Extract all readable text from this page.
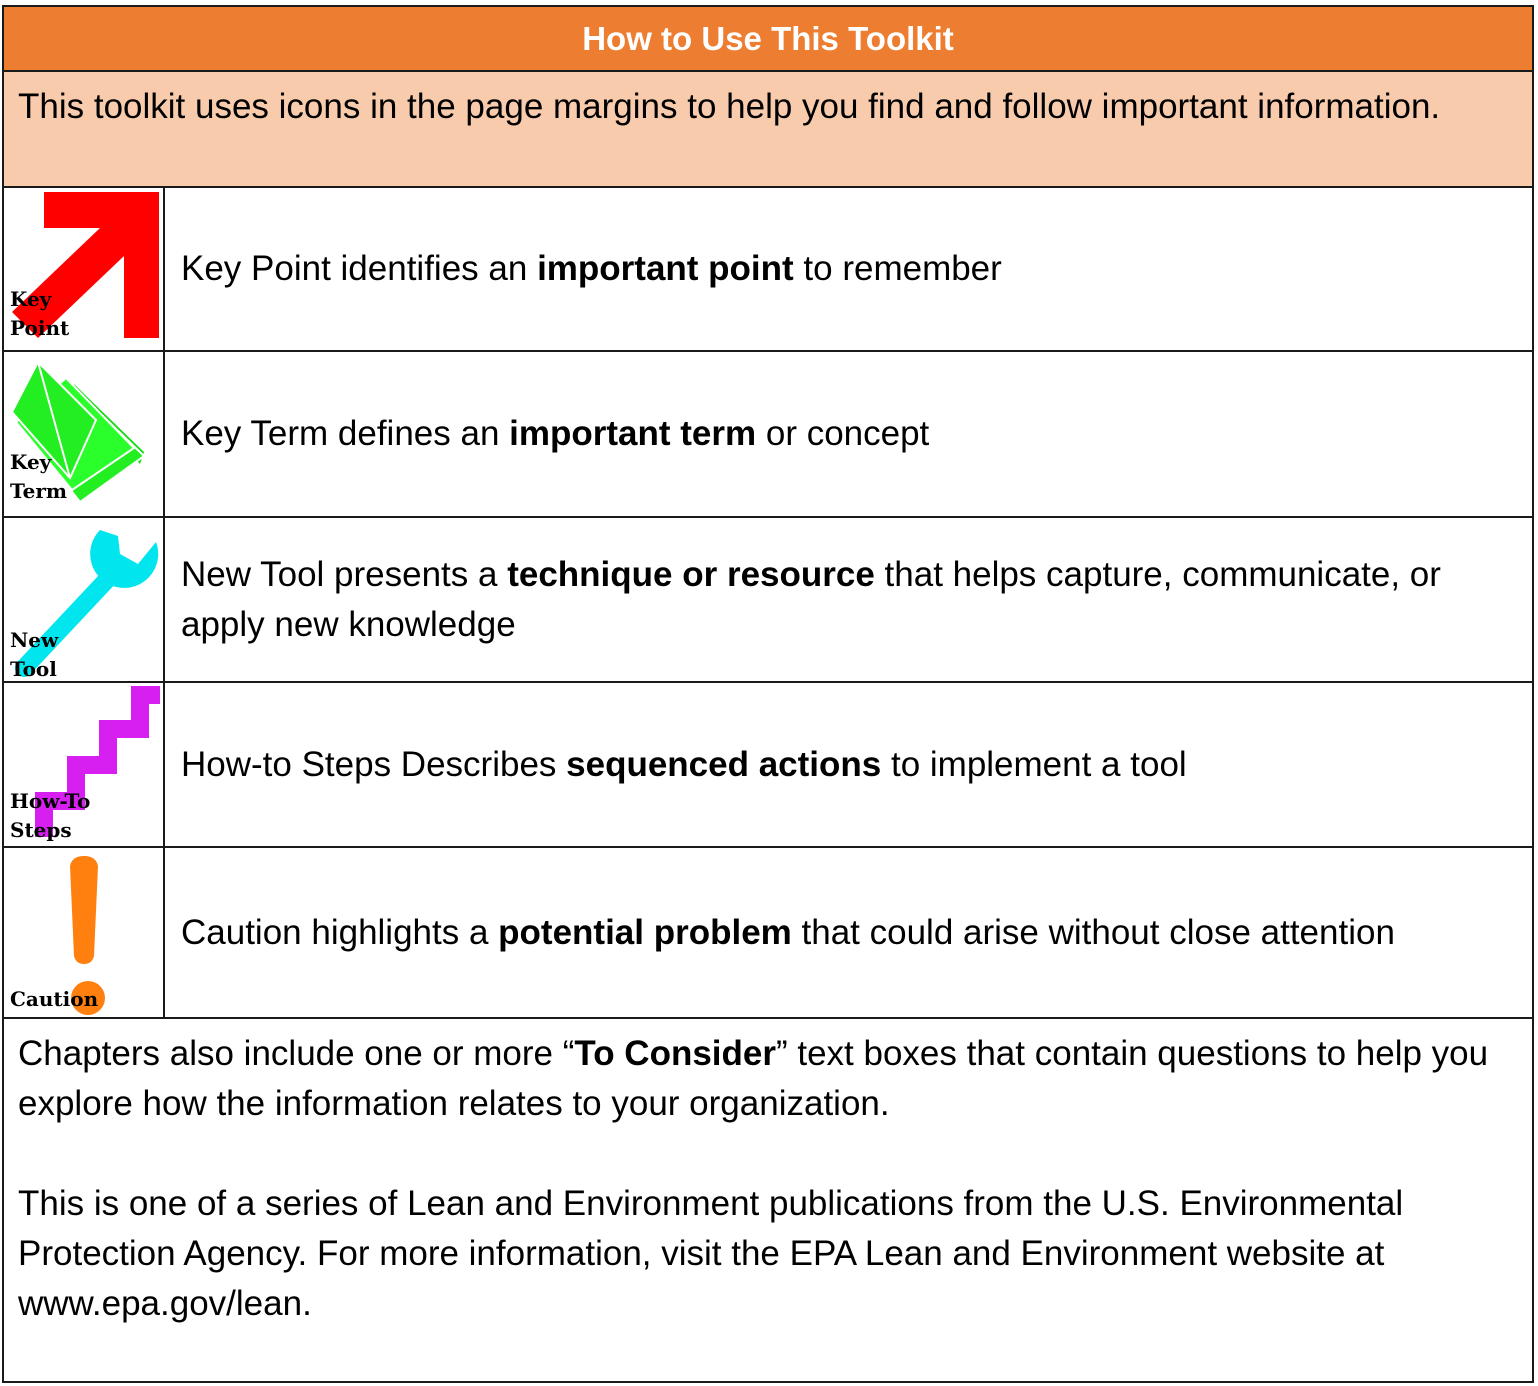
How to Use This Toolkit
This toolkit uses icons in the page margins to help you find and follow important information.
Key
Point
Key Point identifies an important point to remember
Key
Term
Key Term defines an important term or concept
New
Tool
New Tool presents a technique or resource that helps capture, communicate, or apply new knowledge
How-To
Steps
How-to Steps Describes sequenced actions to implement a tool
Caution
Caution highlights a potential problem that could arise without close attention

Chapters also include one or more “To Consider” text boxes that contain questions to help you explore how the information relates to your organization.

This is one of a series of Lean and Environment publications from the U.S. Environmental Protection Agency. For more information, visit the EPA Lean and Environment website at www.epa.gov/lean.
